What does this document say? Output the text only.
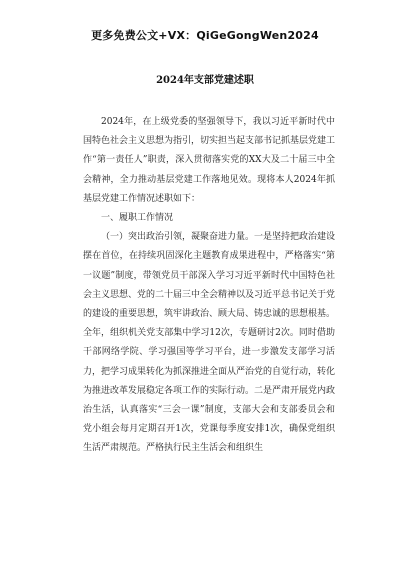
更多免费公文+VX：QiGeGongWen2024
2024年支部党建述职

2024年，在上级党委的坚强领导下，我以习近平新时代中国特色社会主义思想为指引，切实担当起支部书记抓基层党建工作“第一责任人”职责，深入贯彻落实党的XX大及二十届三中全会精神，全力推动基层党建工作落地见效。现将本人2024年抓基层党建工作情况述职如下：

一、履职工作情况

（一）突出政治引领，凝聚奋进力量。一是坚持把政治建设摆在首位，在持续巩固深化主题教育成果进程中，严格落实“第一议题”制度，带领党员干部深入学习习近平新时代中国特色社会主义思想、党的二十届三中全会精神以及习近平总书记关于党的建设的重要思想，筑牢讲政治、顾大局、铸忠诚的思想根基。全年，组织机关党支部集中学习12次，专题研讨2次。同时借助干部网络学院、学习强国等学习平台，进一步激发支部学习活力，把学习成果转化为抓深推进全面从严治党的自觉行动，转化为推进改革发展稳定各项工作的实际行动。二是严肃开展党内政治生活，认真落实“三会一课”制度，支部大会和支部委员会和党小组会每月定期召开1次，党课每季度安排1次，确保党组织生活严肃规范。严格执行民主生活会和组织生
